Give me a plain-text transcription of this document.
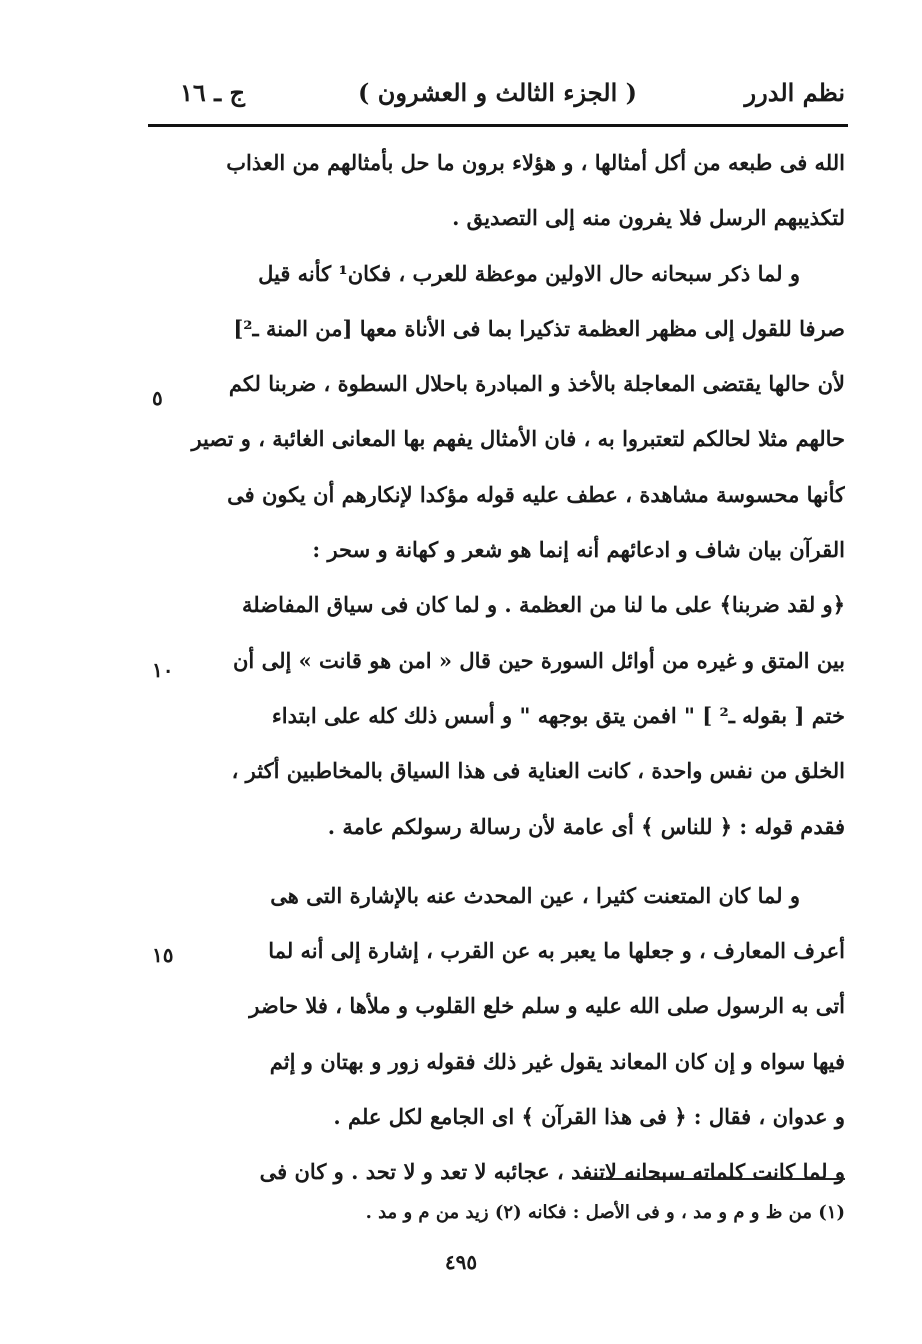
نظم الدرر
( الجزء الثالث و العشرون )
ج ـ ١٦
الله فى طبعه من أكل أمثالها ، و هؤلاء برون ما حل بأمثالهم من العذاب
لتكذيبهم الرسل فلا يفرون منه إلى التصديق .
و لما ذكر سبحانه حال الاولين موعظة للعرب ، فكان¹ كأنه قيل
صرفا للقول إلى مظهر العظمة تذكيرا بما فى الأناة معها [من المنة ـ²]
لأن حالها يقتضى المعاجلة بالأخذ و المبادرة باحلال السطوة ، ضربنا لكم
حالهم مثلا لحالكم لتعتبروا به ، فان الأمثال يفهم بها المعانى الغائبة ، و تصير
كأنها محسوسة مشاهدة ، عطف عليه قوله مؤكدا لإنكارهم أن يكون فى
القرآن بيان شاف و ادعائهم أنه إنما هو شعر و كهانة و سحر :
﴿و لقد ضربنا﴾ على ما لنا من العظمة . و لما كان فى سياق المفاضلة
بين المتق و غيره من أوائل السورة حين قال « امن هو قانت » إلى أن
ختم [ بقوله ـ² ] " افمن يتق بوجهه " و أسس ذلك كله على ابتداء
الخلق من نفس واحدة ، كانت العناية فى هذا السياق بالمخاطبين أكثر ،
فقدم قوله : ﴿ للناس ﴾ أى عامة لأن رسالة رسولكم عامة .
و لما كان المتعنت كثيرا ، عين المحدث عنه بالإشارة التى هى
أعرف المعارف ، و جعلها ما يعبر به عن القرب ، إشارة إلى أنه لما
أتى به الرسول صلى الله عليه و سلم خلع القلوب و ملأها ، فلا حاضر
فيها سواه و إن كان المعاند يقول غير ذلك فقوله زور و بهتان و إثم
و عدوان ، فقال : ﴿ فى هذا القرآن ﴾ اى الجامع لكل علم .
و لما كانت كلماته سبحانه لاتنفد ، عجائبه لا تعد و لا تحد . و كان فى
٥
١٠
١٥
(١) من ظ و م و مد ، و فى الأصل : فكانه (٢) زيد من م و مد .
٤٩٥
